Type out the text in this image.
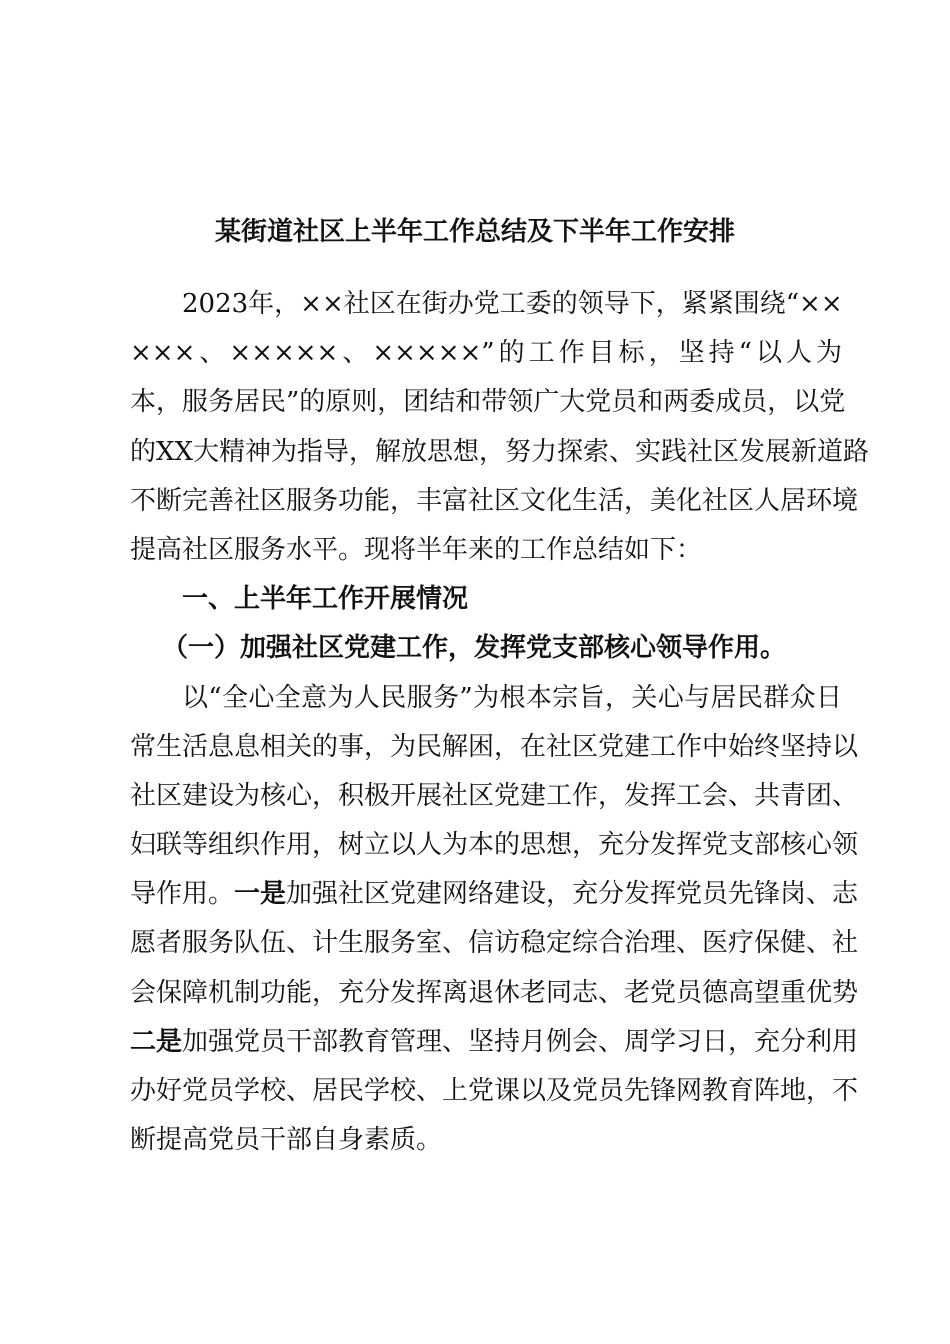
某街道社区上半年工作总结及下半年工作安排
2023年，××社区在街办党工委的领导下，紧紧围绕“××
×××、×××××、×××××”的工作目标，坚持“以人为
本，服务居民”的原则，团结和带领广大党员和两委成员，以党
的XX大精神为指导，解放思想，努力探索、实践社区发展新道路
不断完善社区服务功能，丰富社区文化生活，美化社区人居环境
提高社区服务水平。现将半年来的工作总结如下：
一、上半年工作开展情况
（一）加强社区党建工作，发挥党支部核心领导作用。
以“全心全意为人民服务”为根本宗旨，关心与居民群众日
常生活息息相关的事，为民解困，在社区党建工作中始终坚持以
社区建设为核心，积极开展社区党建工作，发挥工会、共青团、
妇联等组织作用，树立以人为本的思想，充分发挥党支部核心领
导作用。一是加强社区党建网络建设，充分发挥党员先锋岗、志
愿者服务队伍、计生服务室、信访稳定综合治理、医疗保健、社
会保障机制功能，充分发挥离退休老同志、老党员德高望重优势
二是加强党员干部教育管理、坚持月例会、周学习日，充分利用
办好党员学校、居民学校、上党课以及党员先锋网教育阵地，不
断提高党员干部自身素质。
